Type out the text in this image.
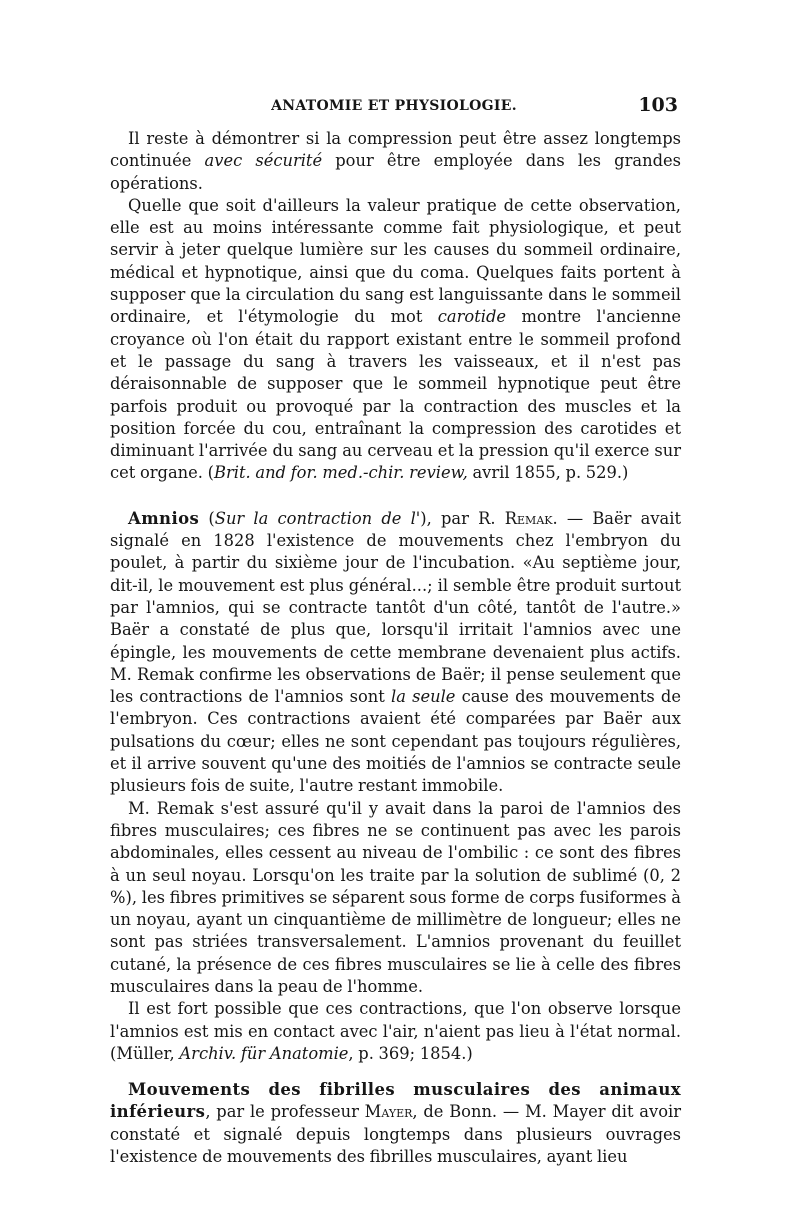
ANATOMIE ET PHYSIOLOGIE.	103

Il reste à démontrer si la compression peut être assez longtemps continuée avec sécurité pour être employée dans les grandes opérations.

Quelle que soit d'ailleurs la valeur pratique de cette observation, elle est au moins intéressante comme fait physiologique, et peut servir à jeter quelque lumière sur les causes du sommeil ordinaire, médical et hypnotique, ainsi que du coma. Quelques faits portent à supposer que la circulation du sang est languissante dans le sommeil ordinaire, et l'étymologie du mot carotide montre l'ancienne croyance où l'on était du rapport existant entre le sommeil profond et le passage du sang à travers les vaisseaux, et il n'est pas déraisonnable de supposer que le sommeil hypnotique peut être parfois produit ou provoqué par la contraction des muscles et la position forcée du cou, entraînant la compression des carotides et diminuant l'arrivée du sang au cerveau et la pression qu'il exerce sur cet organe. (Brit. and for. med.-chir. review, avril 1855, p. 529.)

Amnios (Sur la contraction de l'), par R. Remak. — Baër avait signalé en 1828 l'existence de mouvements chez l'embryon du poulet, à partir du sixième jour de l'incubation. «Au septième jour, dit-il, le mouvement est plus général...; il semble être produit surtout par l'amnios, qui se contracte tantôt d'un côté, tantôt de l'autre.» Baër a constaté de plus que, lorsqu'il irritait l'amnios avec une épingle, les mouvements de cette membrane devenaient plus actifs. M. Remak confirme les observations de Baër; il pense seulement que les contractions de l'amnios sont la seule cause des mouvements de l'embryon. Ces contractions avaient été comparées par Baër aux pulsations du cœur; elles ne sont cependant pas toujours régulières, et il arrive souvent qu'une des moitiés de l'amnios se contracte seule plusieurs fois de suite, l'autre restant immobile.

M. Remak s'est assuré qu'il y avait dans la paroi de l'amnios des fibres musculaires; ces fibres ne se continuent pas avec les parois abdominales, elles cessent au niveau de l'ombilic : ce sont des fibres à un seul noyau. Lorsqu'on les traite par la solution de sublimé (0, 2 %), les fibres primitives se séparent sous forme de corps fusiformes à un noyau, ayant un cinquantième de millimètre de longueur; elles ne sont pas striées transversalement. L'amnios provenant du feuillet cutané, la présence de ces fibres musculaires se lie à celle des fibres musculaires dans la peau de l'homme.

Il est fort possible que ces contractions, que l'on observe lorsque l'amnios est mis en contact avec l'air, n'aient pas lieu à l'état normal. (Müller, Archiv. für Anatomie, p. 369; 1854.)

Mouvements des fibrilles musculaires des animaux inférieurs, par le professeur Mayer, de Bonn. — M. Mayer dit avoir constaté et signalé depuis longtemps dans plusieurs ouvrages l'existence de mouvements des fibrilles musculaires, ayant lieu
